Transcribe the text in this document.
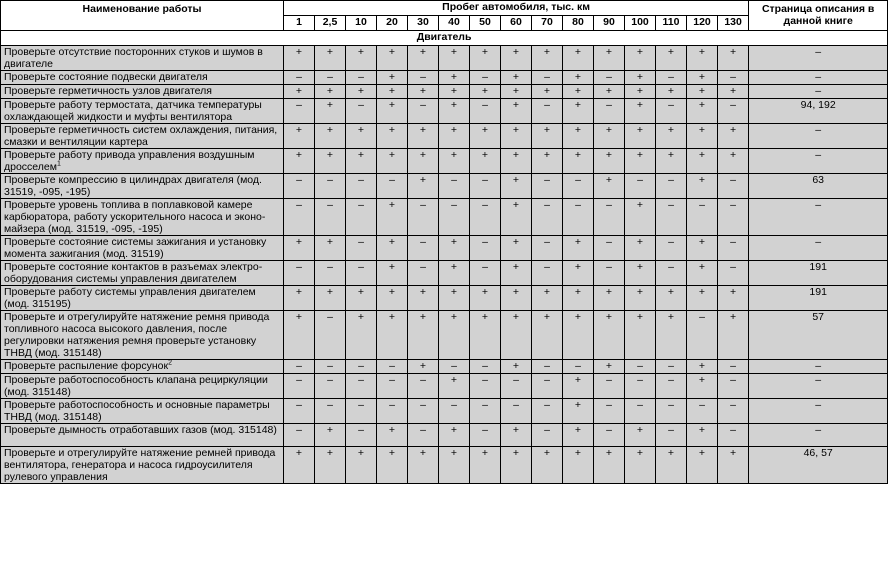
Наименование работы	Пробег автомобиля, тыс. км															Страница описания в данной книге
	1	2,5	10	20	30	40	50	60	70	80	90	100	110	120	130	
Двигатель																
Проверьте отсутствие посторонних стуков и шумов в двигателе	+	+	+	+	+	+	+	+	+	+	+	+	+	+	+	–
Проверьте состояние подвески двигателя	–	–	–	+	–	+	–	+	–	+	–	+	–	+	–	–
Проверьте герметичность узлов двигателя	+	+	+	+	+	+	+	+	+	+	+	+	+	+	+	–
Проверьте работу термостата, датчика температуры охлаждающей жидкости и муфты вентилятора	–	+	–	+	–	+	–	+	–	+	–	+	–	+	–	94, 192
Проверьте герметичность систем охлаждения, питания, смазки и вентиляции картера	+	+	+	+	+	+	+	+	+	+	+	+	+	+	+	–
Проверьте работу привода управления воздушным дросселем$^1$	+	+	+	+	+	+	+	+	+	+	+	+	+	+	+	–
Проверьте компрессию в цилиндрах двигателя (мод. 31519, -095, -195)	–	–	–	–	+	–	–	+	–	–	+	–	–	+	–	63
Проверьте уровень топлива в поплавковой камере карбюратора, работу ускорительного насоса и экономайзера (мод. 31519, -095, -195)	–	–	–	+	–	–	–	+	–	–	–	+	–	–	–	–
Проверьте состояние системы зажигания и установку момента зажигания (мод. 31519)	+	+	–	+	–	+	–	+	–	+	–	+	–	+	–	–
Проверьте состояние контактов в разъемах электрооборудования системы управления двигателем	–	–	–	+	–	+	–	+	–	+	–	+	–	+	–	191
Проверьте работу системы управления двигателем (мод. 315195)	+	+	+	+	+	+	+	+	+	+	+	+	+	+	+	191
Проверьте и отрегулируйте натяжение ремня привода топливного насоса высокого давления, после регулировки натяжения ремня проверьте установку ТНВД (мод. 315148)	+	–	+	+	+	+	+	+	+	+	+	+	+	–	+	57
Проверьте распыление форсунок$^2$	–	–	–	–	+	–	–	+	–	–	+	–	–	+	–	–
Проверьте работоспособность клапана рециркуляции (мод. 315148)	–	–	–	–	–	+	–	–	–	+	–	–	–	+	–	–
Проверьте работоспособность и основные параметры ТНВД (мод. 315148)	–	–	–	–	–	–	–	–	–	+	–	–	–	–	–	–
Проверьте дымность отработавших газов (мод. 315148)	–	+	–	+	–	+	–	+	–	+	–	+	–	+	–	–
Проверьте и отрегулируйте натяжение ремней привода вентилятора, генератора и насоса гидроусилителя рулевого управления	+	+	+	+	+	+	+	+	+	+	+	+	+	+	+	46, 57
